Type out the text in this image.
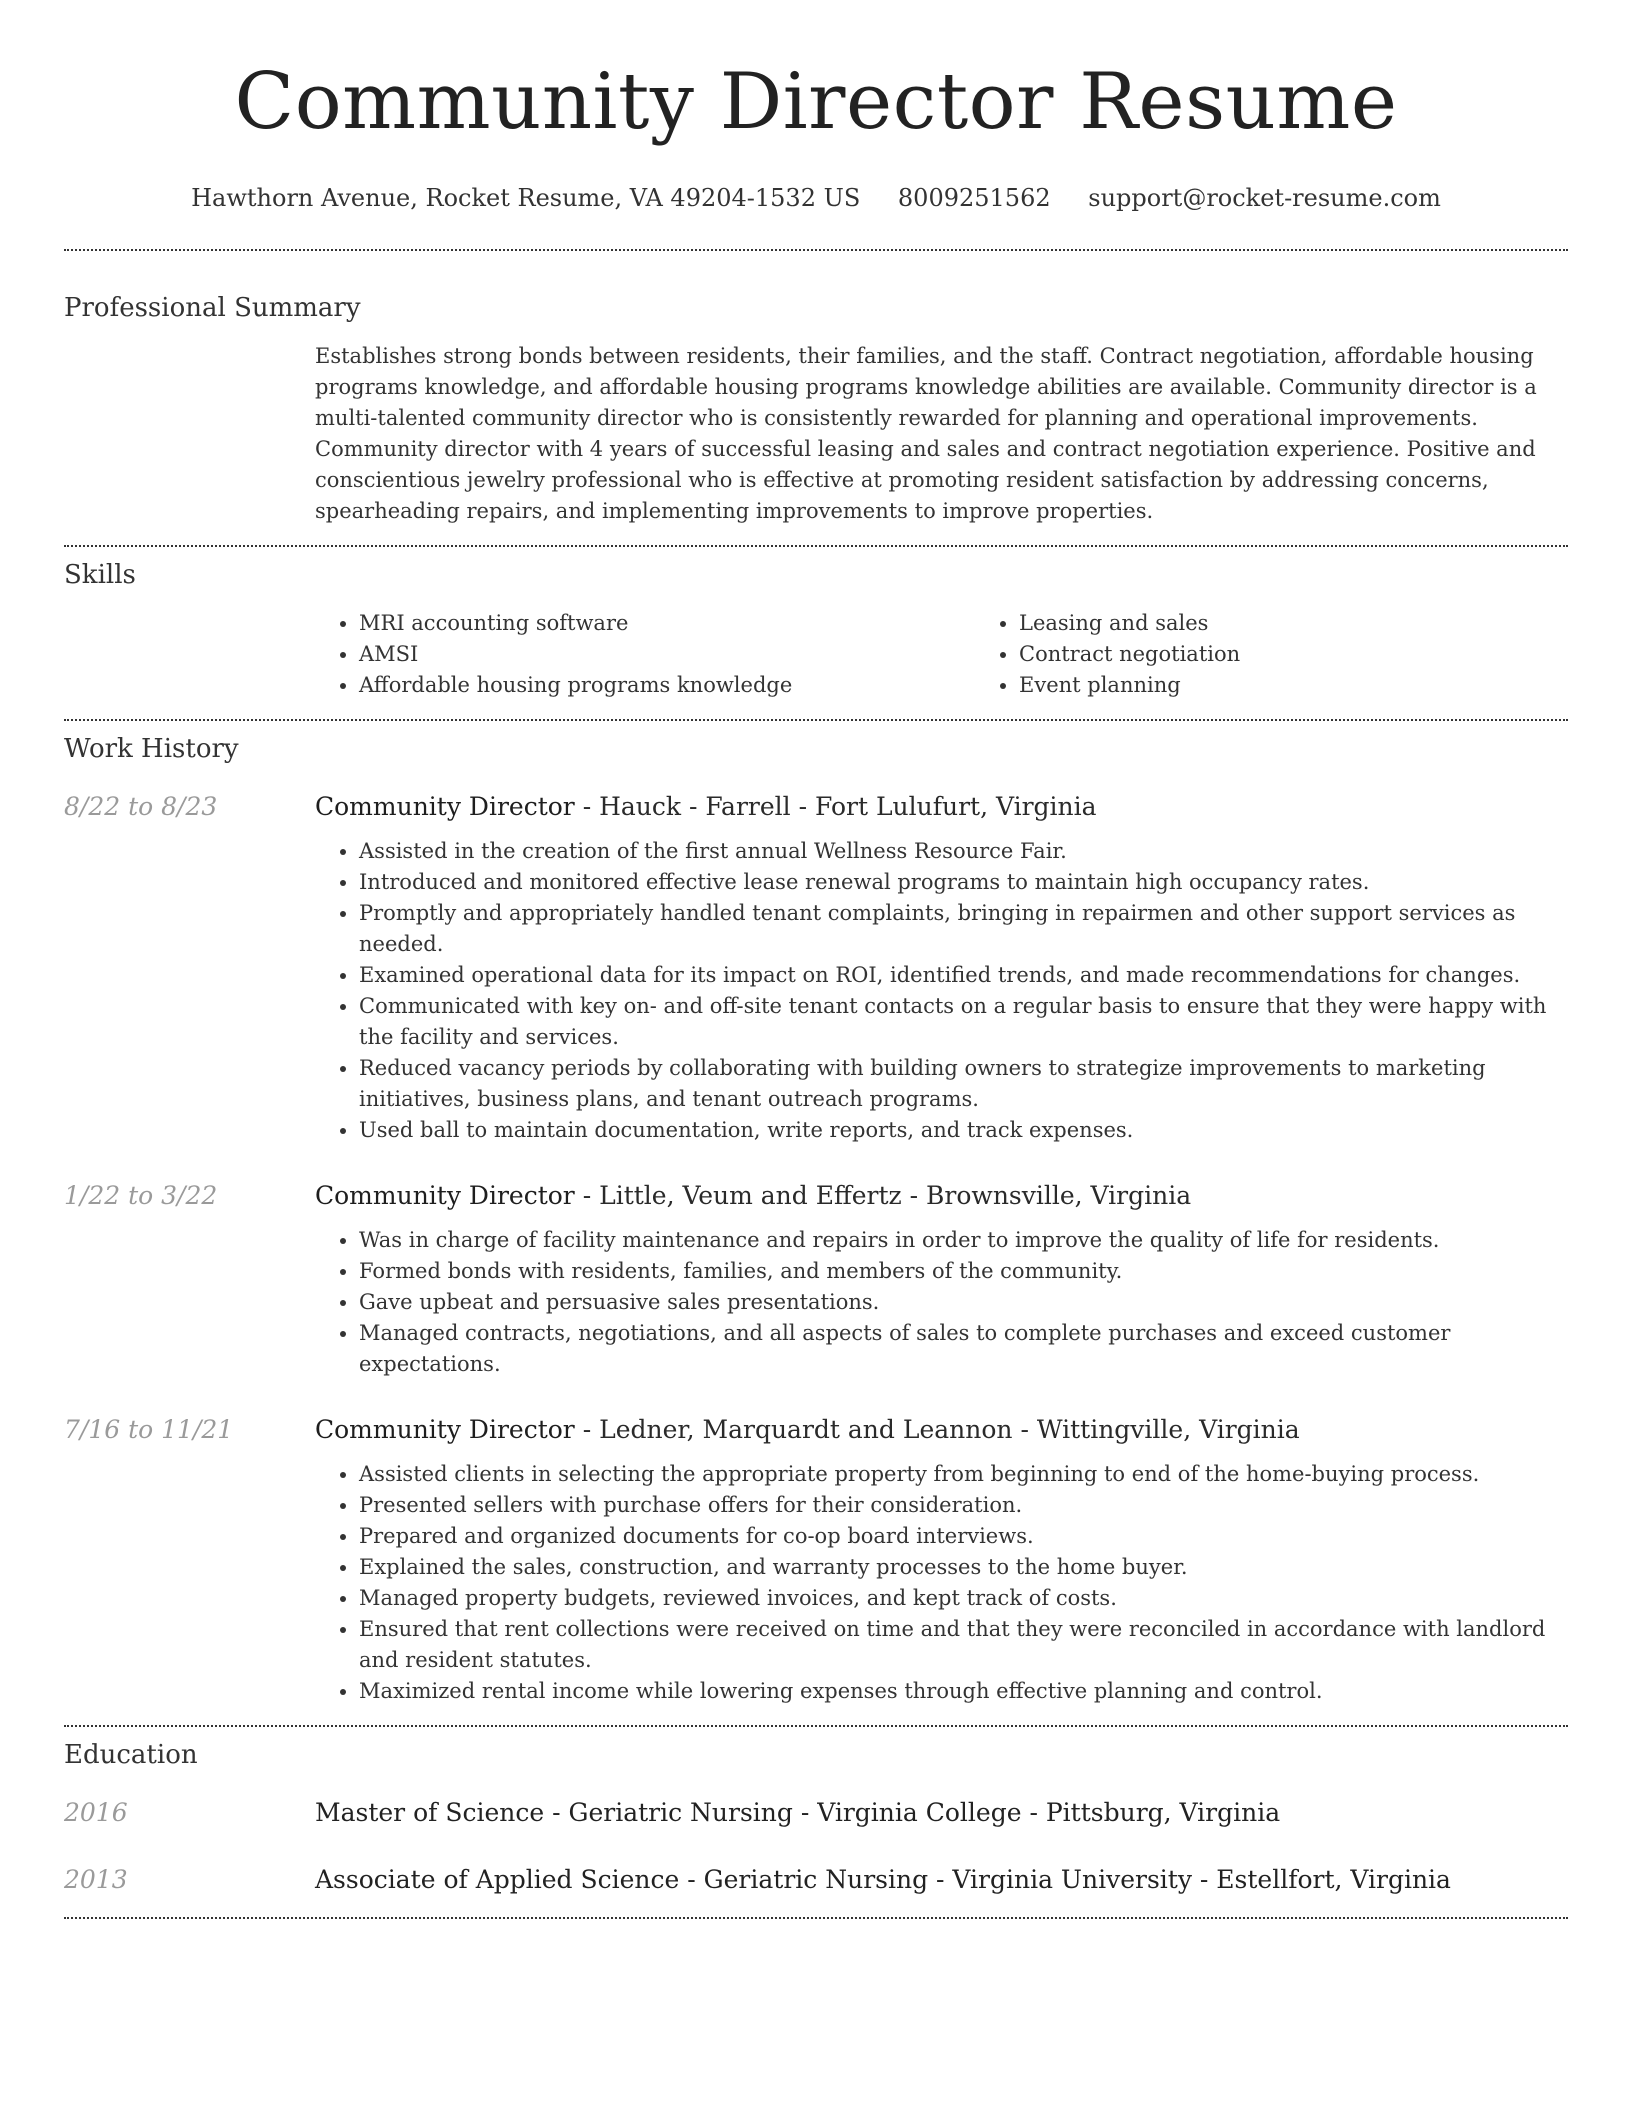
Community Director Resume
Hawthorn Avenue, Rocket Resume, VA 49204-1532 US 8009251562 support@rocket-resume.com
Professional Summary

Establishes strong bonds between residents, their families, and the staff. Contract negotiation, affordable housing programs knowledge, and affordable housing programs knowledge abilities are available. Community director is a multi-talented community director who is consistently rewarded for planning and operational improvements. Community director with 4 years of successful leasing and sales and contract negotiation experience. Positive and conscientious jewelry professional who is effective at promoting resident satisfaction by addressing concerns, spearheading repairs, and implementing improvements to improve properties.

Skills
• MRI accounting software
• AMSI
• Affordable housing programs knowledge
• Leasing and sales
• Contract negotiation
• Event planning
Work History
8/22 to 8/23	Community Director - Hauck - Farrell - Fort Lulufurt, Virginia

• Assisted in the creation of the first annual Wellness Resource Fair.
• Introduced and monitored effective lease renewal programs to maintain high occupancy rates.
• Promptly and appropriately handled tenant complaints, bringing in repairmen and other support services as needed.
• Examined operational data for its impact on ROI, identified trends, and made recommendations for changes.
• Communicated with key on- and off-site tenant contacts on a regular basis to ensure that they were happy with the facility and services.
• Reduced vacancy periods by collaborating with building owners to strategize improvements to marketing initiatives, business plans, and tenant outreach programs.
• Used ball to maintain documentation, write reports, and track expenses.
1/22 to 3/22	Community Director - Little, Veum and Effertz - Brownsville, Virginia

• Was in charge of facility maintenance and repairs in order to improve the quality of life for residents.
• Formed bonds with residents, families, and members of the community.
• Gave upbeat and persuasive sales presentations.
• Managed contracts, negotiations, and all aspects of sales to complete purchases and exceed customer expectations.
7/16 to 11/21	Community Director - Ledner, Marquardt and Leannon - Wittingville, Virginia

• Assisted clients in selecting the appropriate property from beginning to end of the home-buying process.
• Presented sellers with purchase offers for their consideration.
• Prepared and organized documents for co-op board interviews.
• Explained the sales, construction, and warranty processes to the home buyer.
• Managed property budgets, reviewed invoices, and kept track of costs.
• Ensured that rent collections were received on time and that they were reconciled in accordance with landlord and resident statutes.
• Maximized rental income while lowering expenses through effective planning and control.
Education
2016	Master of Science - Geriatric Nursing - Virginia College - Pittsburg, Virginia

2013	Associate of Applied Science - Geriatric Nursing - Virginia University - Estellfort, Virginia
